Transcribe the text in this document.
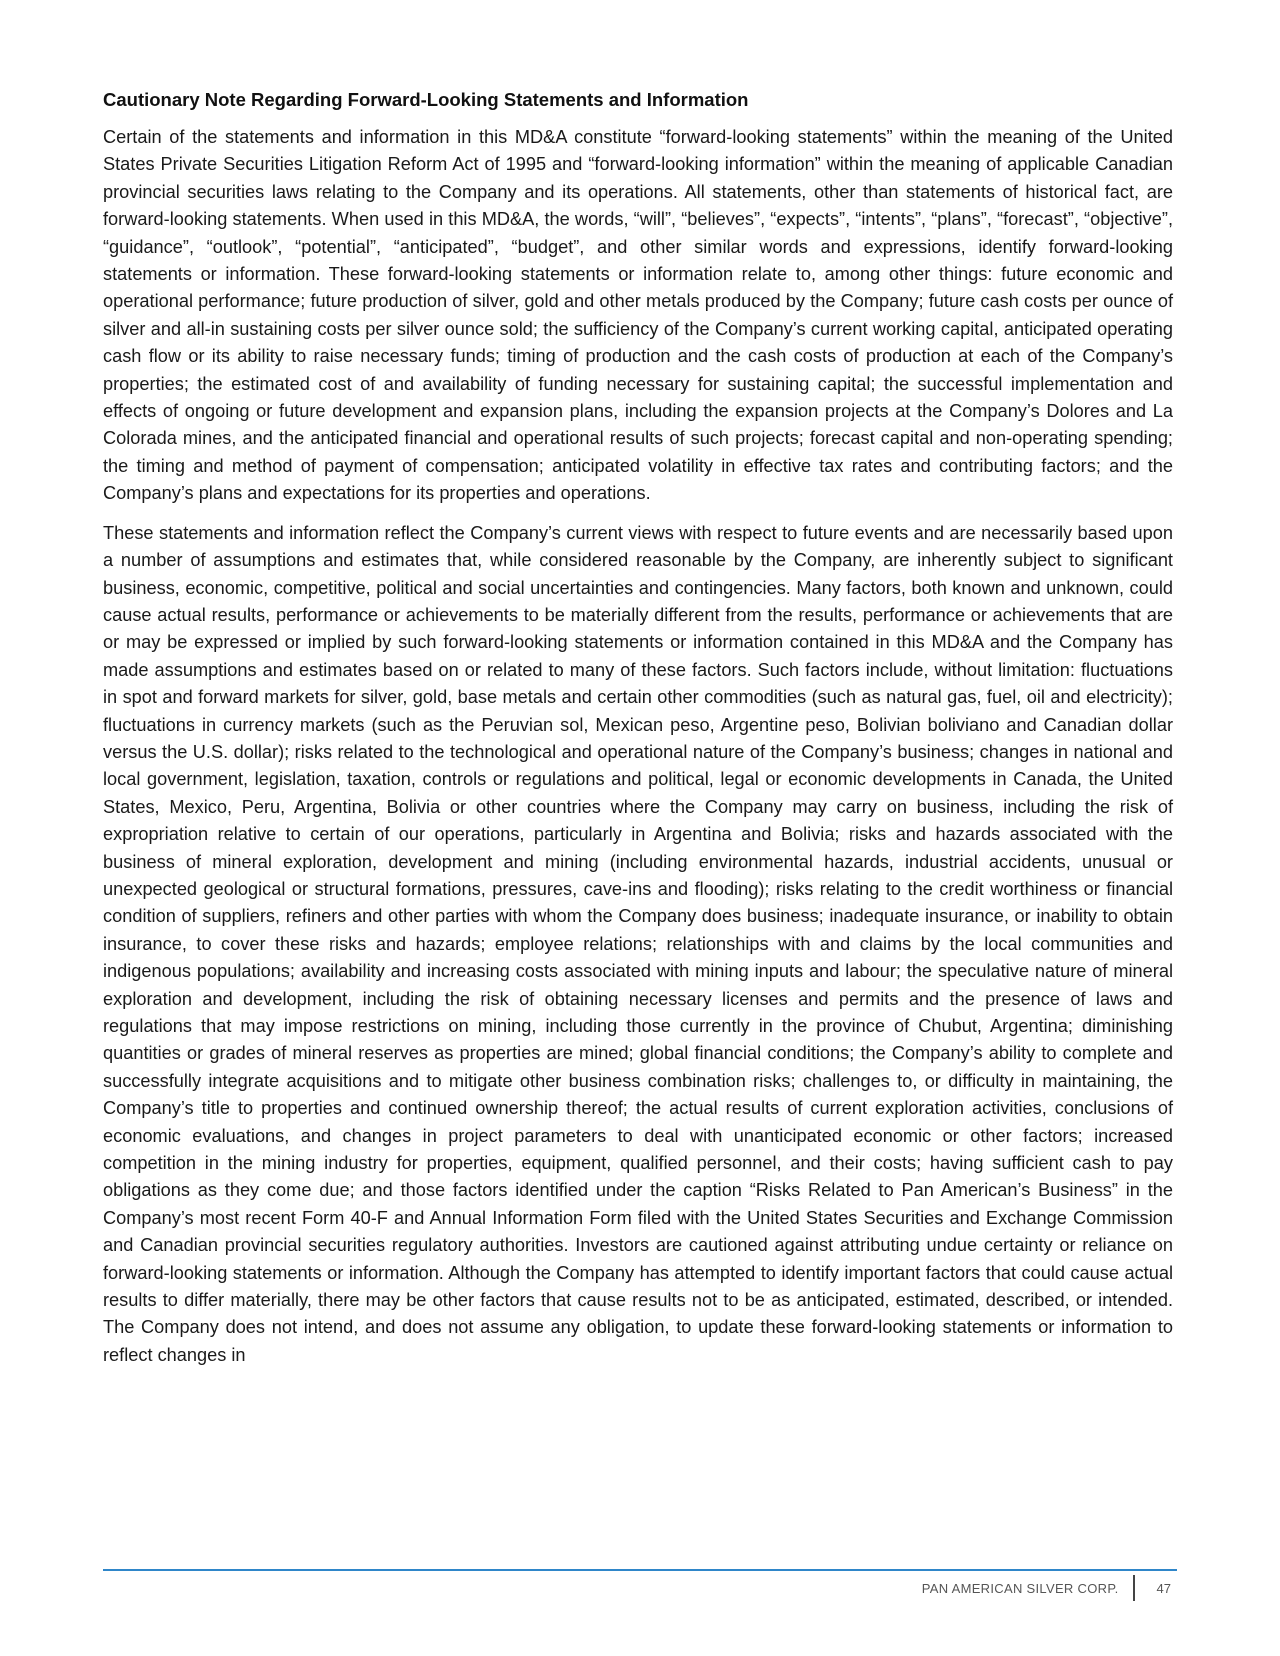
Cautionary Note Regarding Forward-Looking Statements and Information

Certain of the statements and information in this MD&A constitute “forward-looking statements” within the meaning of the United States Private Securities Litigation Reform Act of 1995 and “forward-looking information” within the meaning of applicable Canadian provincial securities laws relating to the Company and its operations. All statements, other than statements of historical fact, are forward-looking statements. When used in this MD&A, the words, “will”, “believes”, “expects”, “intents”, “plans”, “forecast”, “objective”, “guidance”, “outlook”, “potential”, “anticipated”, “budget”, and other similar words and expressions, identify forward-looking statements or information. These forward-looking statements or information relate to, among other things: future economic and operational performance; future production of silver, gold and other metals produced by the Company; future cash costs per ounce of silver and all-in sustaining costs per silver ounce sold; the sufficiency of the Company’s current working capital, anticipated operating cash flow or its ability to raise necessary funds; timing of production and the cash costs of production at each of the Company’s properties; the estimated cost of and availability of funding necessary for sustaining capital; the successful implementation and effects of ongoing or future development and expansion plans, including the expansion projects at the Company’s Dolores and La Colorada mines, and the anticipated financial and operational results of such projects; forecast capital and non-operating spending; the timing and method of payment of compensation; anticipated volatility in effective tax rates and contributing factors; and the Company’s plans and expectations for its properties and operations.

These statements and information reflect the Company’s current views with respect to future events and are necessarily based upon a number of assumptions and estimates that, while considered reasonable by the Company, are inherently subject to significant business, economic, competitive, political and social uncertainties and contingencies. Many factors, both known and unknown, could cause actual results, performance or achievements to be materially different from the results, performance or achievements that are or may be expressed or implied by such forward-looking statements or information contained in this MD&A and the Company has made assumptions and estimates based on or related to many of these factors. Such factors include, without limitation: fluctuations in spot and forward markets for silver, gold, base metals and certain other commodities (such as natural gas, fuel, oil and electricity); fluctuations in currency markets (such as the Peruvian sol, Mexican peso, Argentine peso, Bolivian boliviano and Canadian dollar versus the U.S. dollar); risks related to the technological and operational nature of the Company’s business; changes in national and local government, legislation, taxation, controls or regulations and political, legal or economic developments in Canada, the United States, Mexico, Peru, Argentina, Bolivia or other countries where the Company may carry on business, including the risk of expropriation relative to certain of our operations, particularly in Argentina and Bolivia; risks and hazards associated with the business of mineral exploration, development and mining (including environmental hazards, industrial accidents, unusual or unexpected geological or structural formations, pressures, cave-ins and flooding); risks relating to the credit worthiness or financial condition of suppliers, refiners and other parties with whom the Company does business; inadequate insurance, or inability to obtain insurance, to cover these risks and hazards; employee relations; relationships with and claims by the local communities and indigenous populations; availability and increasing costs associated with mining inputs and labour; the speculative nature of mineral exploration and development, including the risk of obtaining necessary licenses and permits and the presence of laws and regulations that may impose restrictions on mining, including those currently in the province of Chubut, Argentina; diminishing quantities or grades of mineral reserves as properties are mined; global financial conditions; the Company’s ability to complete and successfully integrate acquisitions and to mitigate other business combination risks; challenges to, or difficulty in maintaining, the Company’s title to properties and continued ownership thereof; the actual results of current exploration activities, conclusions of economic evaluations, and changes in project parameters to deal with unanticipated economic or other factors; increased competition in the mining industry for properties, equipment, qualified personnel, and their costs; having sufficient cash to pay obligations as they come due; and those factors identified under the caption “Risks Related to Pan American’s Business” in the Company’s most recent Form 40-F and Annual Information Form filed with the United States Securities and Exchange Commission and Canadian provincial securities regulatory authorities. Investors are cautioned against attributing undue certainty or reliance on forward-looking statements or information. Although the Company has attempted to identify important factors that could cause actual results to differ materially, there may be other factors that cause results not to be as anticipated, estimated, described, or intended. The Company does not intend, and does not assume any obligation, to update these forward-looking statements or information to reflect changes in

PAN AMERICAN SILVER CORP.	47
